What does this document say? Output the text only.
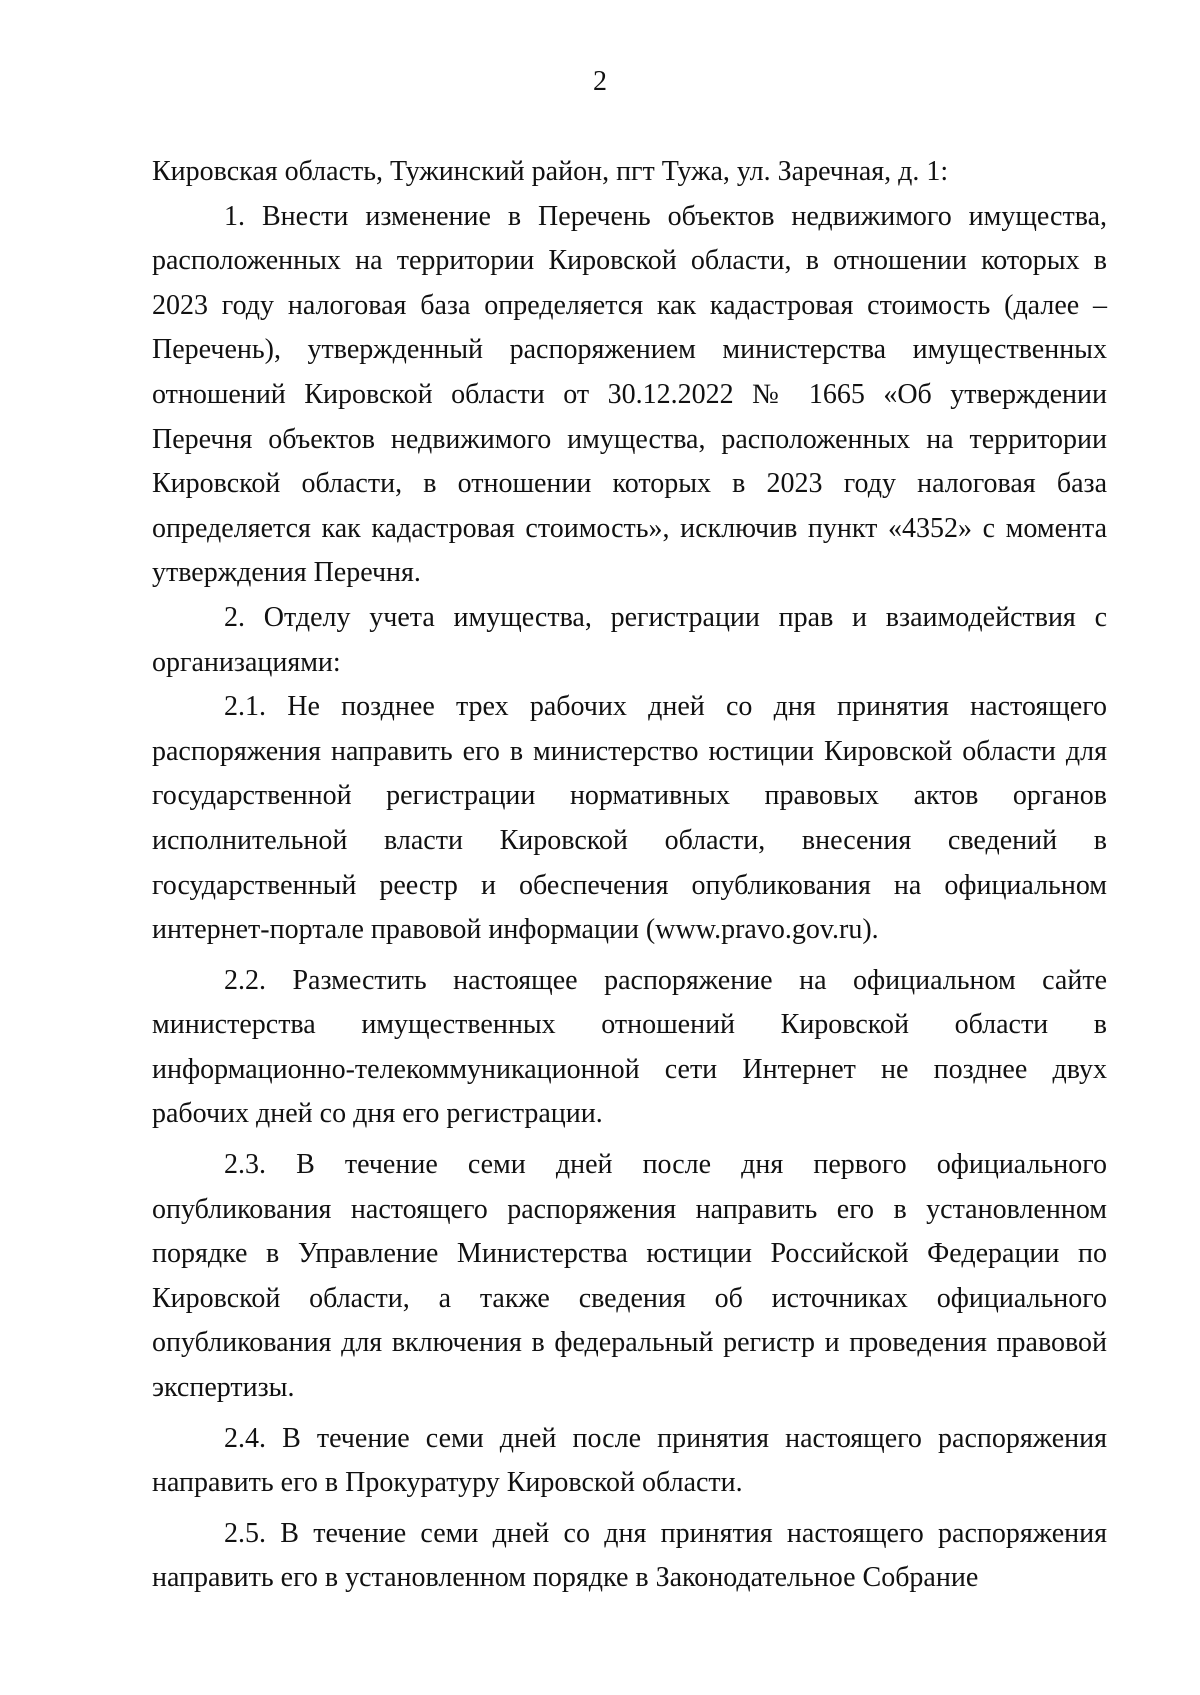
2

Кировская область, Тужинский район, пгт Тужа, ул. Заречная, д. 1:

1. Внести изменение в Перечень объектов недвижимого имущества, расположенных на территории Кировской области, в отношении которых в 2023 году налоговая база определяется как кадастровая стоимость (далее – Перечень), утвержденный распоряжением министерства имущественных отношений Кировской области от 30.12.2022 № 1665 «Об утверждении Перечня объектов недвижимого имущества, расположенных на территории Кировской области, в отношении которых в 2023 году налоговая база определяется как кадастровая стоимость», исключив пункт «4352» с момента утверждения Перечня.

2. Отделу учета имущества, регистрации прав и взаимодействия с организациями:

2.1. Не позднее трех рабочих дней со дня принятия настоящего распоряжения направить его в министерство юстиции Кировской области для государственной регистрации нормативных правовых актов органов исполнительной власти Кировской области, внесения сведений в государственный реестр и обеспечения опубликования на официальном интернет-портале правовой информации (www.pravo.gov.ru).

2.2. Разместить настоящее распоряжение на официальном сайте министерства имущественных отношений Кировской области в информационно-телекоммуникационной сети Интернет не позднее двух рабочих дней со дня его регистрации.

2.3. В течение семи дней после дня первого официального опубликования настоящего распоряжения направить его в установленном порядке в Управление Министерства юстиции Российской Федерации по Кировской области, а также сведения об источниках официального опубликования для включения в федеральный регистр и проведения правовой экспертизы.

2.4. В течение семи дней после принятия настоящего распоряжения направить его в Прокуратуру Кировской области.

2.5. В течение семи дней со дня принятия настоящего распоряжения направить его в установленном порядке в Законодательное Собрание
